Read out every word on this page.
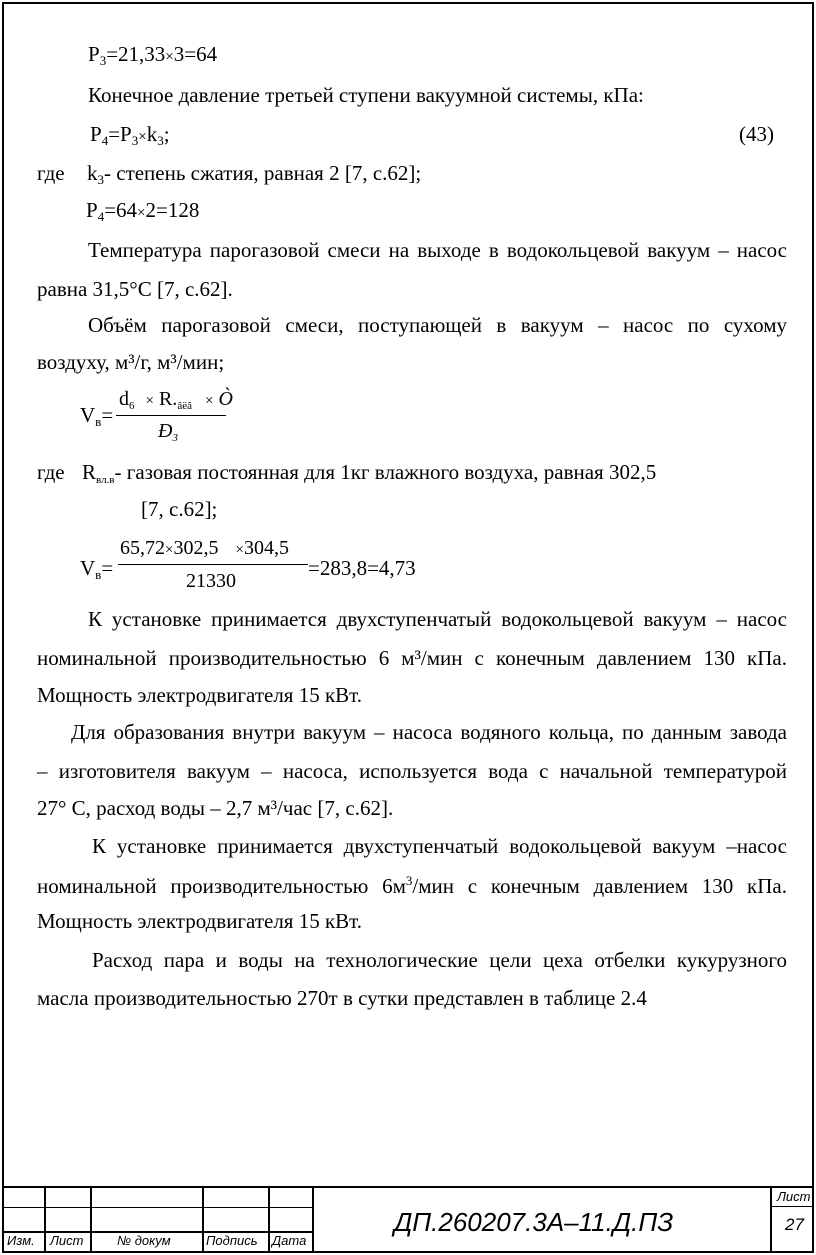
$P_3=21,33\times 3=64$
Конечное давление третьей ступени вакуумной системы, кПа:
$P_4=P_3\times k_3$;	(43)
где $k_3-$ степень сжатия, равная 2 [7, с.62];
$P_4=64\times 2=128$
Температура парогазовой смеси на выходе в водокольцевой вакуум – насос
равна 31,5°С [7, с.62].
Объём парогазовой смеси, поступающей в вакуум – насос по сухому
воздуху, м³/г, м³/мин;
$V_в=$
$d_6 \times R._{âëâ}$ × Ò
$Ð_3$
где Rвл.в- газовая постоянная для 1кг влажного воздуха, равная 302,5
[7, с.62];
$V_в=$
65,72×302,5 ×304,5
21330
=283,8=4,73
К установке принимается двухступенчатый водокольцевой вакуум – насос
номинальной производительностью 6 м³/мин с конечным давлением 130 кПа.
Мощность электродвигателя 15 кВт.
Для образования внутри вакуум – насоса водяного кольца, по данным завода
– изготовителя вакуум – насоса, используется вода с начальной температурой
27° С, расход воды – 2,7 м³/час [7, с.62].
К установке принимается двухступенчатый водокольцевой вакуум –насос
номинальной производительностью $6м^3$/мин с конечным давлением 130 кПа.
Мощность электродвигателя 15 кВт.
Расход пара и воды на технологические цели цеха отбелки кукурузного
масла производительностью 270т в сутки представлен в таблице 2.4
Изм. Лист	№ докум	Подпись Дата
ДП.260207.3А–11.Д.ПЗ
Лист
27
